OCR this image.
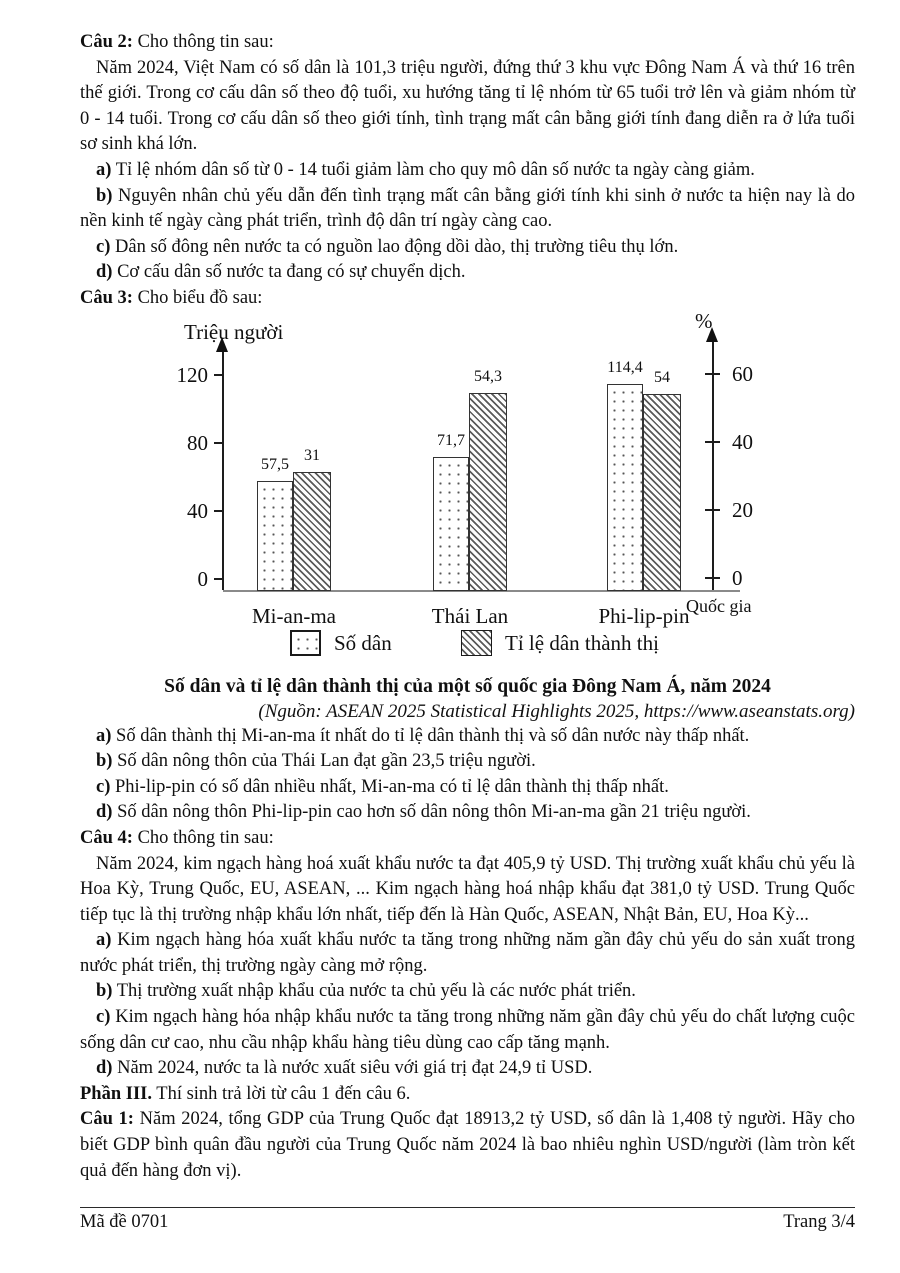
Câu 2: Cho thông tin sau:

Năm 2024, Việt Nam có số dân là 101,3 triệu người, đứng thứ 3 khu vực Đông Nam Á và thứ 16 trên thế giới. Trong cơ cấu dân số theo độ tuổi, xu hướng tăng tỉ lệ nhóm từ 65 tuổi trở lên và giảm nhóm từ 0 - 14 tuổi. Trong cơ cấu dân số theo giới tính, tình trạng mất cân bằng giới tính đang diễn ra ở lứa tuổi sơ sinh khá lớn.

a) Tỉ lệ nhóm dân số từ 0 - 14 tuổi giảm làm cho quy mô dân số nước ta ngày càng giảm.

b) Nguyên nhân chủ yếu dẫn đến tình trạng mất cân bằng giới tính khi sinh ở nước ta hiện nay là do nền kinh tế ngày càng phát triển, trình độ dân trí ngày càng cao.

c) Dân số đông nên nước ta có nguồn lao động dồi dào, thị trường tiêu thụ lớn.

d) Cơ cấu dân số nước ta đang có sự chuyển dịch.

Câu 3: Cho biểu đồ sau:

Số dân	Tỉ lệ dân thành thị
Triệu người
0
40
80
120
%
0
20
40
60
Quốc gia
57,5
31
Mi-an-ma
71,7
54,3
Thái Lan
114,4
54
Phi-lip-pin

Số dân và tỉ lệ dân thành thị của một số quốc gia Đông Nam Á, năm 2024

(Nguồn: ASEAN 2025 Statistical Highlights 2025, https://www.aseanstats.org)

a) Số dân thành thị Mi-an-ma ít nhất do tỉ lệ dân thành thị và số dân nước này thấp nhất.

b) Số dân nông thôn của Thái Lan đạt gần 23,5 triệu người.

c) Phi-lip-pin có số dân nhiều nhất, Mi-an-ma có tỉ lệ dân thành thị thấp nhất.

d) Số dân nông thôn Phi-lip-pin cao hơn số dân nông thôn Mi-an-ma gần 21 triệu người.

Câu 4: Cho thông tin sau:

Năm 2024, kim ngạch hàng hoá xuất khẩu nước ta đạt 405,9 tỷ USD. Thị trường xuất khẩu chủ yếu là Hoa Kỳ, Trung Quốc, EU, ASEAN, ... Kim ngạch hàng hoá nhập khẩu đạt 381,0 tỷ USD. Trung Quốc tiếp tục là thị trường nhập khẩu lớn nhất, tiếp đến là Hàn Quốc, ASEAN, Nhật Bản, EU, Hoa Kỳ...

a) Kim ngạch hàng hóa xuất khẩu nước ta tăng trong những năm gần đây chủ yếu do sản xuất trong nước phát triển, thị trường ngày càng mở rộng.

b) Thị trường xuất nhập khẩu của nước ta chủ yếu là các nước phát triển.

c) Kim ngạch hàng hóa nhập khẩu nước ta tăng trong những năm gần đây chủ yếu do chất lượng cuộc sống dân cư cao, nhu cầu nhập khẩu hàng tiêu dùng cao cấp tăng mạnh.

d) Năm 2024, nước ta là nước xuất siêu với giá trị đạt 24,9 tỉ USD.

Phần III. Thí sinh trả lời từ câu 1 đến câu 6.

Câu 1: Năm 2024, tổng GDP của Trung Quốc đạt 18913,2 tỷ USD, số dân là 1,408 tỷ người. Hãy cho biết GDP bình quân đầu người của Trung Quốc năm 2024 là bao nhiêu nghìn USD/người (làm tròn kết quả đến hàng đơn vị).

Mã đề 0701	Trang 3/4
